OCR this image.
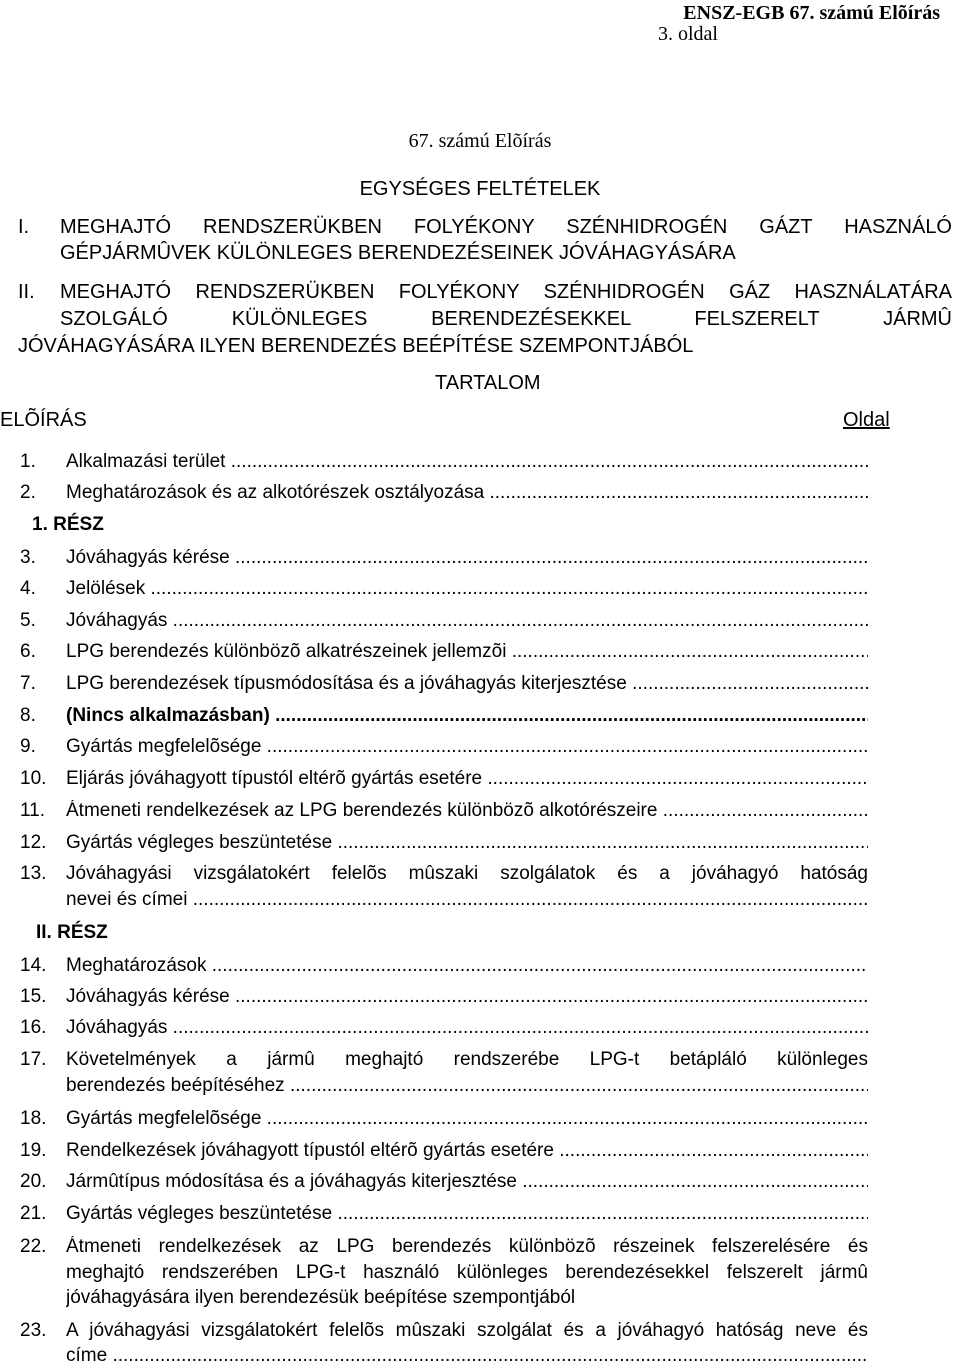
ENSZ-EGB 67. számú Elõírás
3. oldal
67. számú Elõírás
EGYSÉGES FELTÉTELEK
I. MEGHAJTÓ RENDSZERÜKBEN FOLYÉKONY SZÉNHIDROGÉN GÁZT HASZNÁLÓ
GÉPJÁRMÛVEK KÜLÖNLEGES BERENDEZÉSEINEK JÓVÁHAGYÁSÁRA
II. MEGHAJTÓ RENDSZERÜKBEN FOLYÉKONY SZÉNHIDROGÉN GÁZ HASZNÁLATÁRA
SZOLGÁLÓ KÜLÖNLEGES BERENDEZÉSEKKEL FELSZERELT JÁRMÛ
JÓVÁHAGYÁSÁRA ILYEN BERENDEZÉS BEÉPÍTÉSE SZEMPONTJÁBÓL
TARTALOM
ELÕÍRÁS	Oldal
1. Alkalmazási terület .....
2. Meghatározások és az alkotórészek osztályozása .....
1. RÉSZ
3. Jóváhagyás kérése .....
4. Jelölések .....
5. Jóváhagyás .....
6. LPG berendezés különbözõ alkatrészeinek jellemzõi .....
7. LPG berendezések típusmódosítása és a jóváhagyás kiterjesztése .....
8. (Nincs alkalmazásban) .....
9. Gyártás megfelelõsége .....
10. Eljárás jóváhagyott típustól eltérõ gyártás esetére .....
11. Átmeneti rendelkezések az LPG berendezés különbözõ alkotórészeire .....
12. Gyártás végleges beszüntetése .....
13. Jóváhagyási vizsgálatokért felelõs mûszaki szolgálatok és a jóváhagyó hatóság
nevei és címei .....
II. RÉSZ
14. Meghatározások .....
15. Jóváhagyás kérése .....
16. Jóváhagyás .....
17. Követelmények a jármû meghajtó rendszerébe LPG-t betápláló különleges
berendezés beépítéséhez .....
18. Gyártás megfelelõsége .....
19. Rendelkezések jóváhagyott típustól eltérõ gyártás esetére .....
20. Jármûtípus módosítása és a jóváhagyás kiterjesztése .....
21. Gyártás végleges beszüntetése .....
22. Átmeneti rendelkezések az LPG berendezés különbözõ részeinek felszerelésére és
meghajtó rendszerében LPG-t használó különleges berendezésekkel felszerelt jármû
jóváhagyására ilyen berendezésük beépítése szempontjából
23. A jóváhagyási vizsgálatokért felelõs mûszaki szolgálat és a jóváhagyó hatóság neve és
címe .....
